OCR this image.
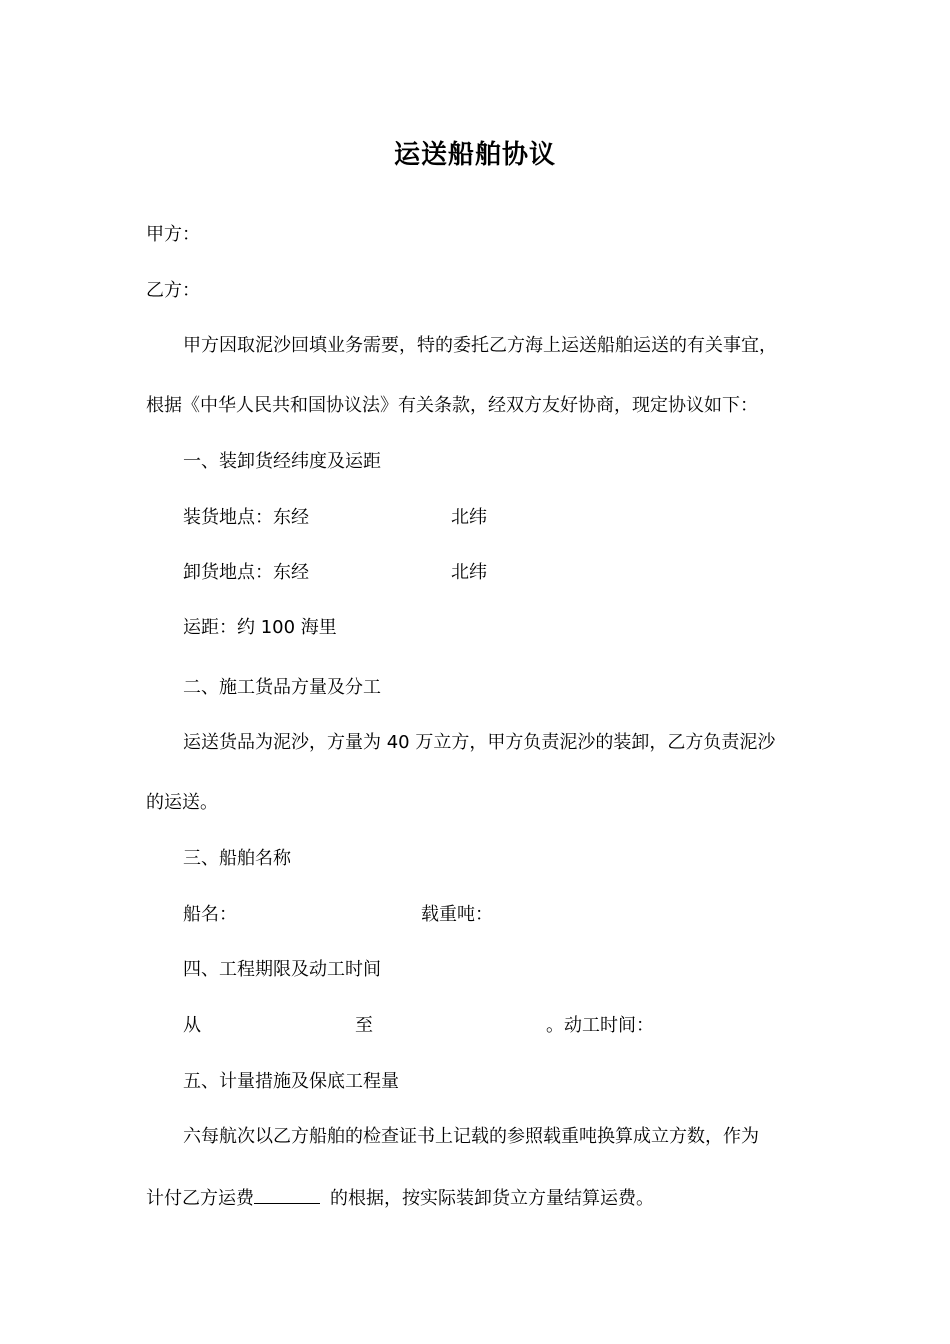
运送船舶协议
甲方：
乙方：
甲方因取泥沙回填业务需要，特的委托乙方海上运送船舶运送的有关事宜，
根据《中华人民共和国协议法》有关条款，经双方友好协商，现定协议如下：
一、装卸货经纬度及运距
装货地点：东经	北纬
卸货地点：东经	北纬
运距：约 100 海里
二、施工货品方量及分工
运送货品为泥沙，方量为 40 万立方，甲方负责泥沙的装卸，乙方负责泥沙
的运送。
三、船舶名称
船名：	载重吨：
四、工程期限及动工时间
从	至	。动工时间：
五、计量措施及保底工程量
六每航次以乙方船舶的检查证书上记载的参照载重吨换算成立方数，作为
计付乙方运费	的根据，按实际装卸货立方量结算运费。
